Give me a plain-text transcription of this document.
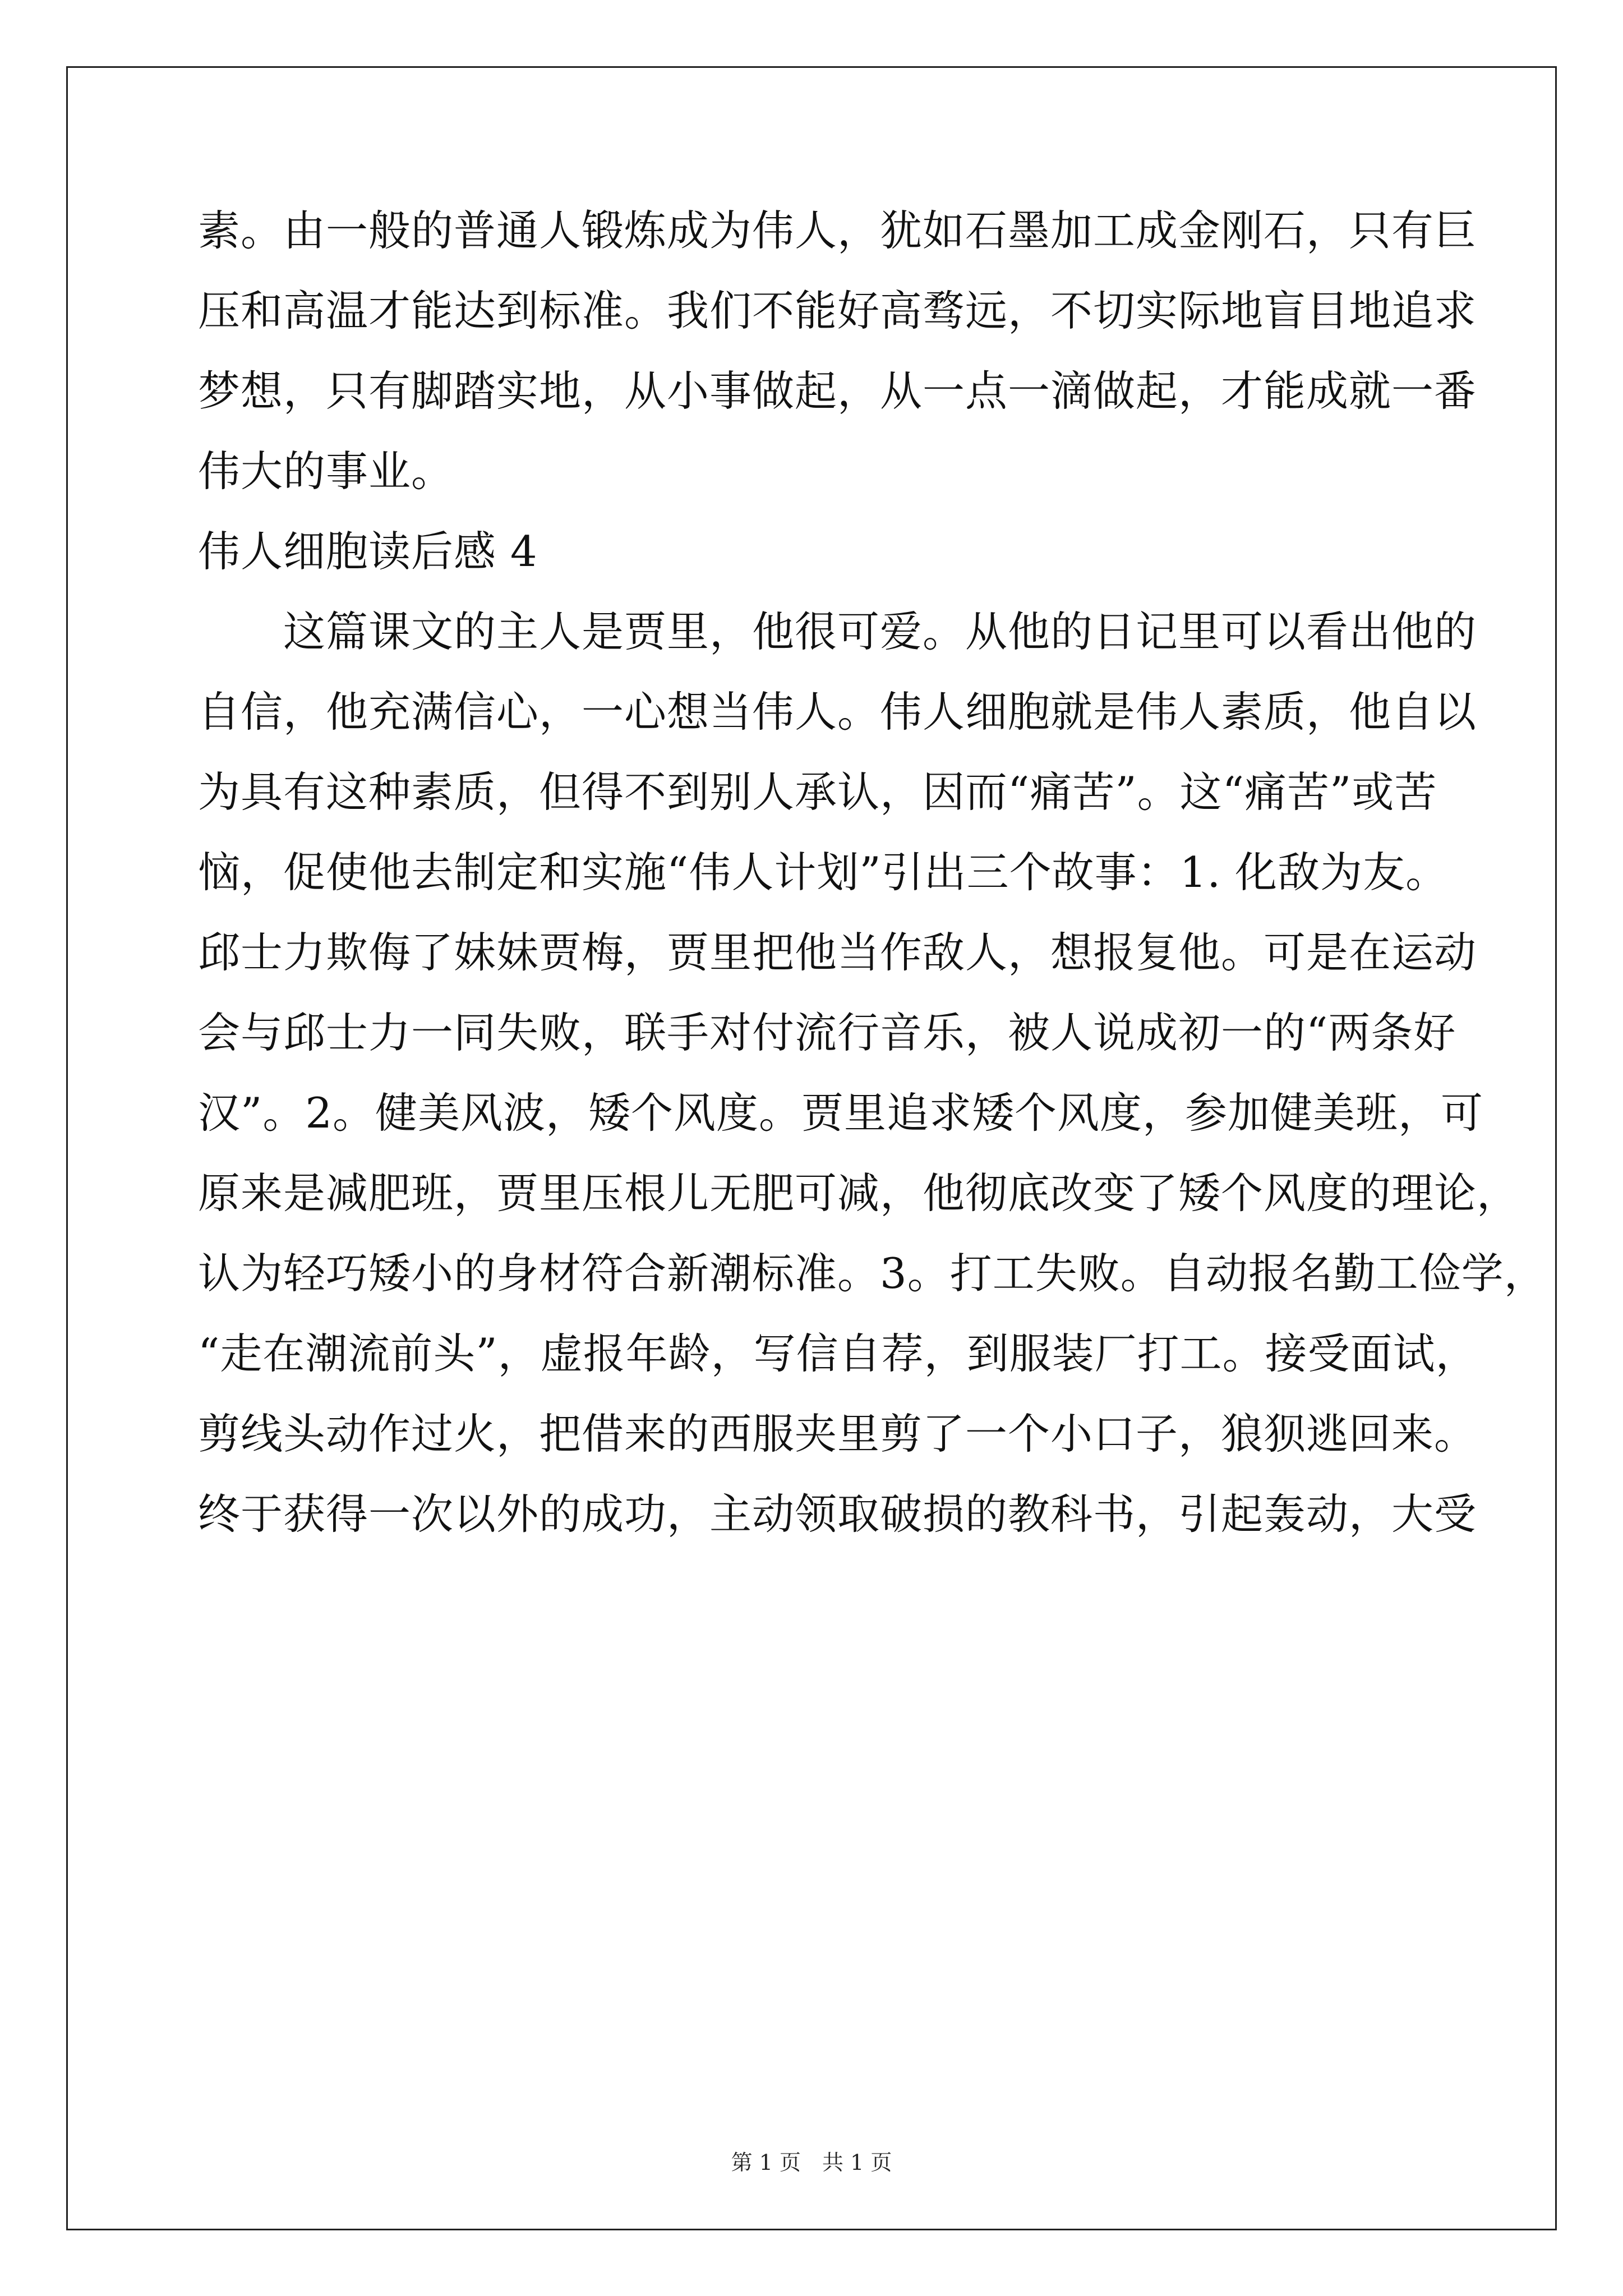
素。由一般的普通人锻炼成为伟人，犹如石墨加工成金刚石，只有巨
压和高温才能达到标准。我们不能好高骛远，不切实际地盲目地追求
梦想，只有脚踏实地，从小事做起，从一点一滴做起，才能成就一番
伟大的事业。
伟人细胞读后感 4
　　这篇课文的主人是贾里，他很可爱。从他的日记里可以看出他的
自信，他充满信心，一心想当伟人。伟人细胞就是伟人素质，他自以
为具有这种素质，但得不到别人承认，因而“痛苦”。这“痛苦”或苦
恼，促使他去制定和实施“伟人计划”引出三个故事：1. 化敌为友。
邱士力欺侮了妹妹贾梅，贾里把他当作敌人，想报复他。可是在运动
会与邱士力一同失败，联手对付流行音乐，被人说成初一的“两条好
汉”。2。健美风波，矮个风度。贾里追求矮个风度，参加健美班，可
原来是减肥班，贾里压根儿无肥可减，他彻底改变了矮个风度的理论，
认为轻巧矮小的身材符合新潮标准。3。打工失败。自动报名勤工俭学，
“走在潮流前头”，虚报年龄，写信自荐，到服装厂打工。接受面试，
剪线头动作过火，把借来的西服夹里剪了一个小口子，狼狈逃回来。
终于获得一次以外的成功，主动领取破损的教科书，引起轰动，大受
第 1 页　共 1 页
